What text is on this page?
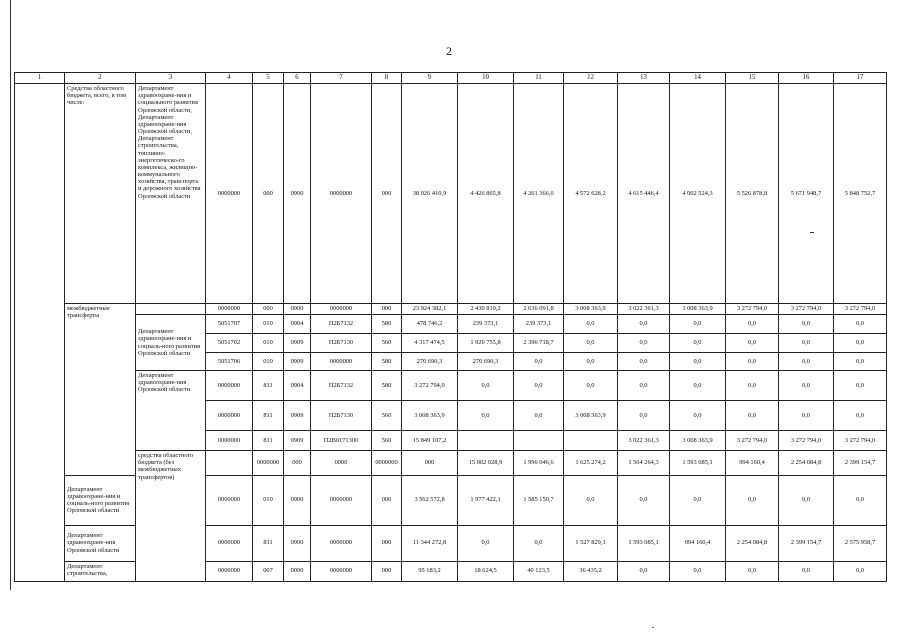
2
1	2	3	4	5	6	7	8	9	10	11	12	13	14	15	16	17	
	Средства областного бюджета, всего, в том числе:	Департамент здравоохране-ния и социального развития Орловской области, Департамент здравоохране-ния Орловской области, Департамент строительства, топливно-энергетическо-го комплекса, жилищно-коммунального хозяйства, транспорта и дорожного хозяйства Орловской области	0000000	000	0900	0000000	000	38 926 410,9	4 426 865,8	4 261 366,0	4 572 628,2	4 615 446,4	4 002 524,3	5 526 878,8	5 671 948,7	5 848 752,7	
	межбюджетные трансферты		0000000	000	0900	0000000	000	23 924 382,1	2 430 819,2	2 636 091,8	3 008 363,9	3 022 361,3	3 008 363,9	3 272 794,0	3 272 794,0	3 272 794,0	
		Департамент здравоохране-ния и социаль-ного развития Орловской области	5051707	010	0904	П2Б7132	580	478 746,2	239 373,1	239 373,1	0,0	0,0	0,0	0,0	0,0	0,0	
			5051702	010	0909	П2Б7130	560	4 317 474,5	1 920 755,8	2 396 718,7	0,0	0,0	0,0	0,0	0,0	0,0	
			5051706	010	0909	0000000	580	270 690,3	270 690,3	0,0	0,0	0,0	0,0	0,0	0,0	0,0	
		Департамент здравоохране-ния Орловской области	0000000	811	0904	П2Б7132	580	3 272 794,0	0,0	0,0	0,0	0,0	0,0	0,0	0,0	0,0	
			0000000	811	0909	П2Б7130	560	3 008 363,9	0,0	0,0	3 008 363,9	0,0	0,0	0,0	0,0	0,0	
			0000000	811	0909	П2В0171300	560	15 849 107,2				3 022 361,3	3 008 363,9	3 272 794,0	3 272 794,0	3 272 794,0	
		средства областного бюджета (без межбюджетных трансфертов)		0000000	000	0000	0000000	000	15 002 028,9	1 996 046,6	1 625 274,2	1 564 264,3	1 593 085,1	994 160,4	2 254 084,8	2 399 154,7	
	Департамент здравоохране-ния и социаль-ного развития Орловской области		0000000	010	0900	0000000	000	3 562 572,8	1 977 422,1	1 585 150,7	0,0	0,0	0,0	0,0	0,0	0,0	
	Департамент здравоохране-ния Орловской области		0000000	811	0900	0000000	000	11 344 272,8	0,0	0,0	1 527 829,1	1 593 085,1	994 160,4	2 254 084,8	2 399 154,7	2 575 958,7	
	Департамент строительства,		0000000	007	0000	0000000	000	95 183,2	18 624,5	40 123,5	36 435,2	0,0	0,0	0,0	0,0	0,0	
